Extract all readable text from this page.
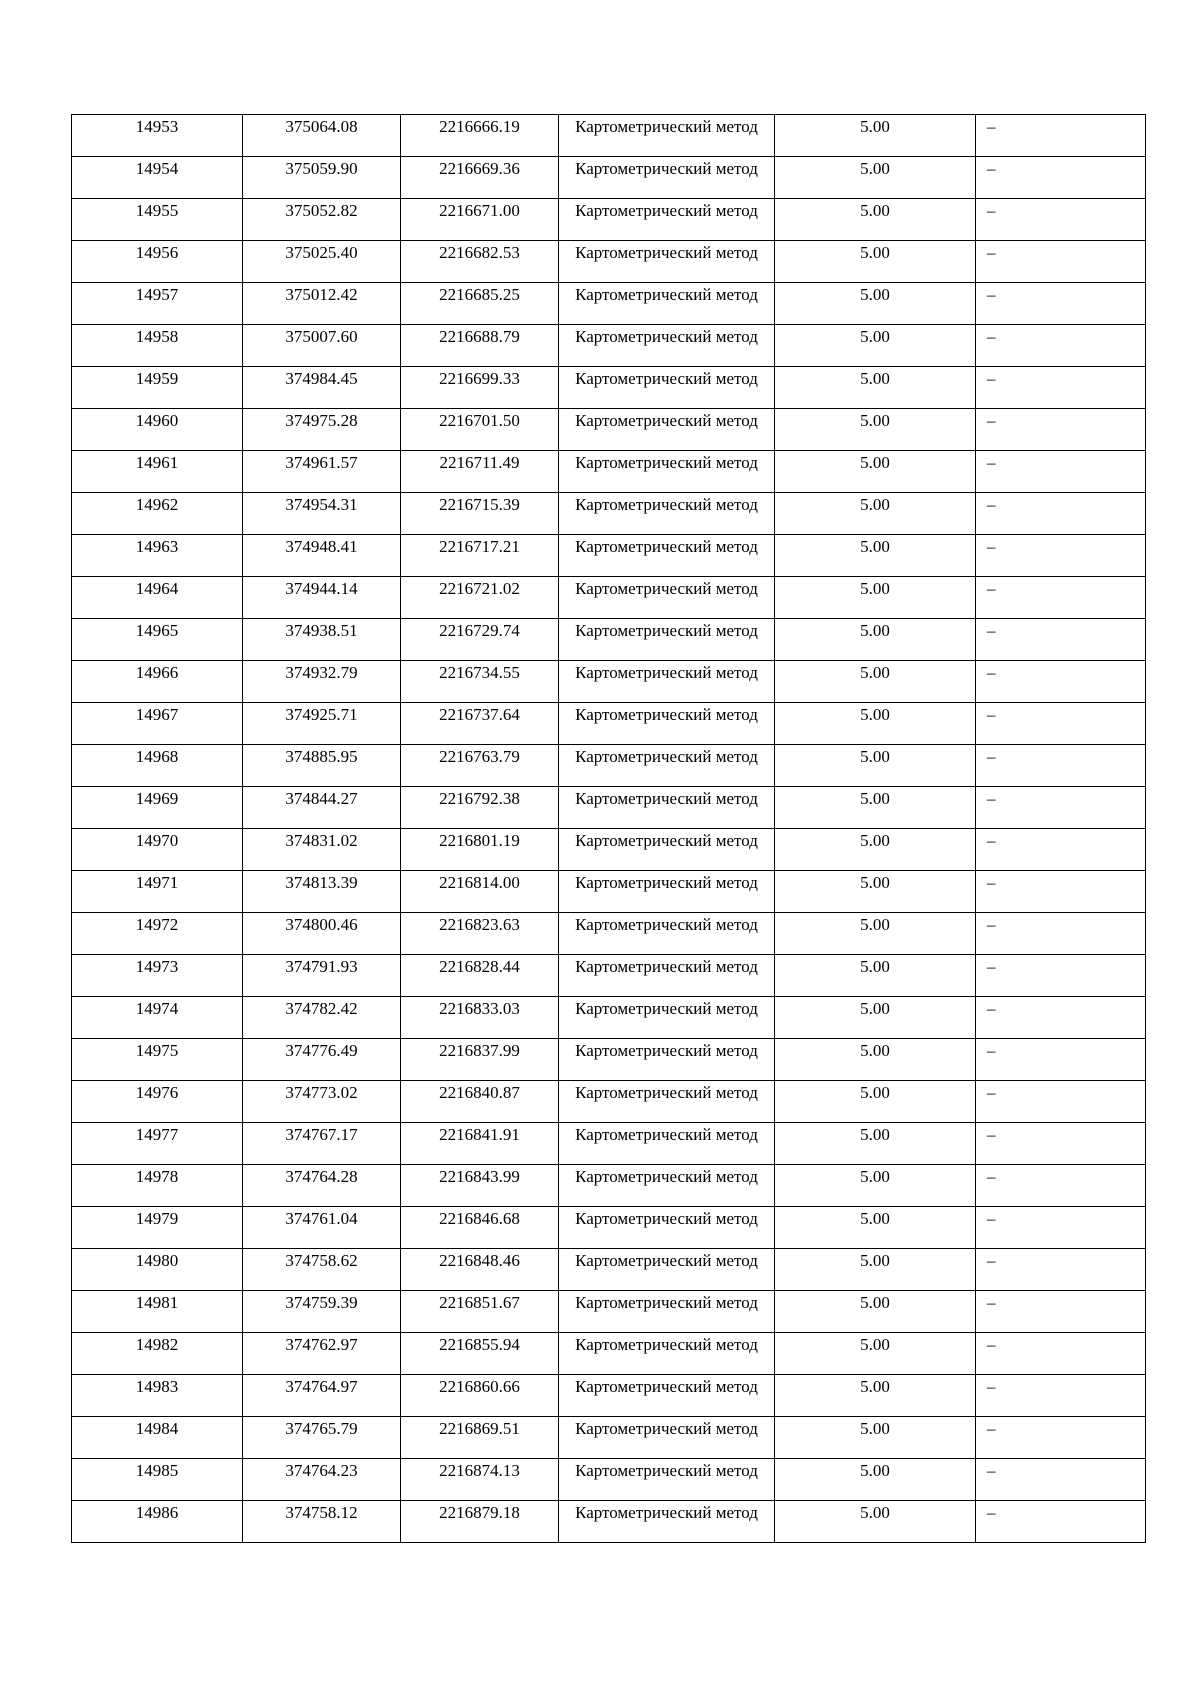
14953	375064.08	2216666.19	Картометрический метод	5.00	–

14954	375059.90	2216669.36	Картометрический метод	5.00	–

14955	375052.82	2216671.00	Картометрический метод	5.00	–

14956	375025.40	2216682.53	Картометрический метод	5.00	–

14957	375012.42	2216685.25	Картометрический метод	5.00	–

14958	375007.60	2216688.79	Картометрический метод	5.00	–

14959	374984.45	2216699.33	Картометрический метод	5.00	–

14960	374975.28	2216701.50	Картометрический метод	5.00	–

14961	374961.57	2216711.49	Картометрический метод	5.00	–

14962	374954.31	2216715.39	Картометрический метод	5.00	–

14963	374948.41	2216717.21	Картометрический метод	5.00	–

14964	374944.14	2216721.02	Картометрический метод	5.00	–

14965	374938.51	2216729.74	Картометрический метод	5.00	–

14966	374932.79	2216734.55	Картометрический метод	5.00	–

14967	374925.71	2216737.64	Картометрический метод	5.00	–

14968	374885.95	2216763.79	Картометрический метод	5.00	–

14969	374844.27	2216792.38	Картометрический метод	5.00	–

14970	374831.02	2216801.19	Картометрический метод	5.00	–

14971	374813.39	2216814.00	Картометрический метод	5.00	–

14972	374800.46	2216823.63	Картометрический метод	5.00	–

14973	374791.93	2216828.44	Картометрический метод	5.00	–

14974	374782.42	2216833.03	Картометрический метод	5.00	–

14975	374776.49	2216837.99	Картометрический метод	5.00	–

14976	374773.02	2216840.87	Картометрический метод	5.00	–

14977	374767.17	2216841.91	Картометрический метод	5.00	–

14978	374764.28	2216843.99	Картометрический метод	5.00	–

14979	374761.04	2216846.68	Картометрический метод	5.00	–

14980	374758.62	2216848.46	Картометрический метод	5.00	–

14981	374759.39	2216851.67	Картометрический метод	5.00	–

14982	374762.97	2216855.94	Картометрический метод	5.00	–

14983	374764.97	2216860.66	Картометрический метод	5.00	–

14984	374765.79	2216869.51	Картометрический метод	5.00	–

14985	374764.23	2216874.13	Картометрический метод	5.00	–

14986	374758.12	2216879.18	Картометрический метод	5.00	–
